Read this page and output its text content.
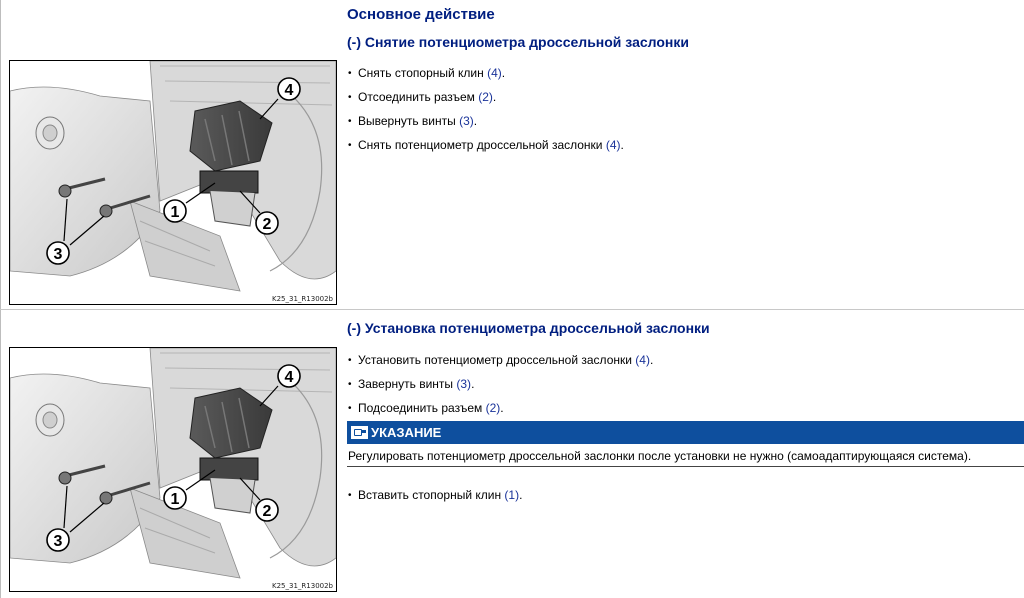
Основное действие
(-) Снятие потенциометра дроссельной заслонки
4
1
2
3
K25_31_R13002b
• Снять стопорный клин (4).
• Отсоединить разъем (2).
• Вывернуть винты (3).
• Снять потенциометр дроссельной заслонки (4).
(-) Установка потенциометра дроссельной заслонки
4
1
2
3
K25_31_R13002b
• Установить потенциометр дроссельной заслонки (4).
• Завернуть винты (3).
• Подсоединить разъем (2).
УКАЗАНИЕ
Регулировать потенциометр дроссельной заслонки после установки не нужно (самоадаптирующаяся система).
• Вставить стопорный клин (1).
